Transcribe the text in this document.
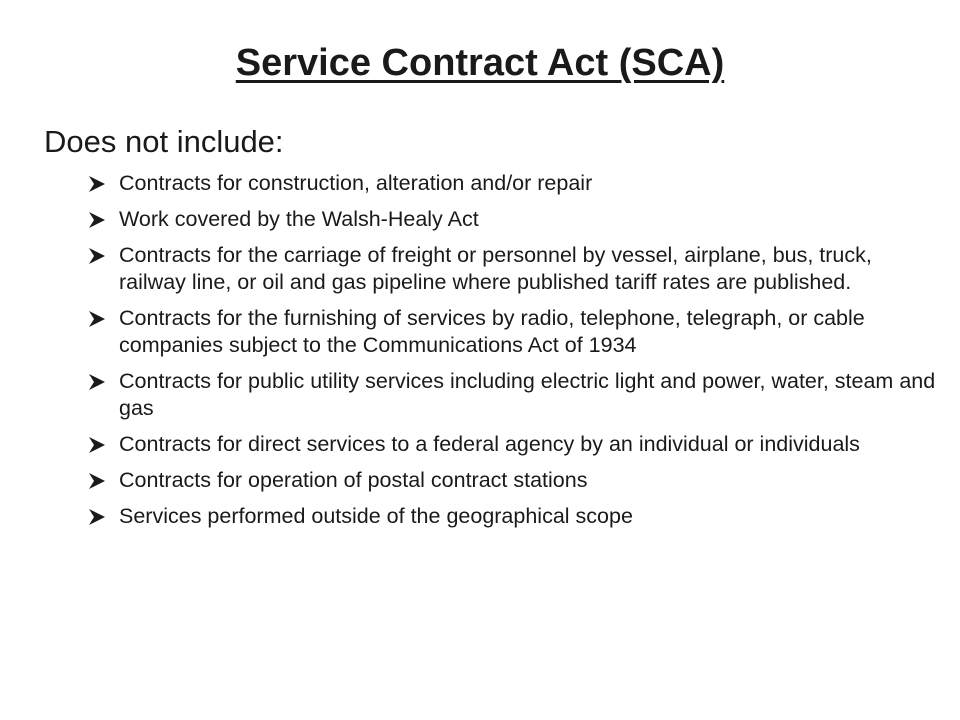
Service Contract Act (SCA)
Does not include:
Contracts for construction, alteration and/or repair
Work covered by the Walsh-Healy Act
Contracts for the carriage of freight or personnel by vessel, airplane, bus, truck, railway line, or oil and gas pipeline where published tariff rates are published.
Contracts for the furnishing of services by radio, telephone, telegraph, or cable companies subject to the Communications Act of 1934
Contracts for public utility services including electric light and power, water, steam and gas
Contracts for direct services to a federal agency by an individual or individuals
Contracts for operation of postal contract stations
Services performed outside of the geographical scope
